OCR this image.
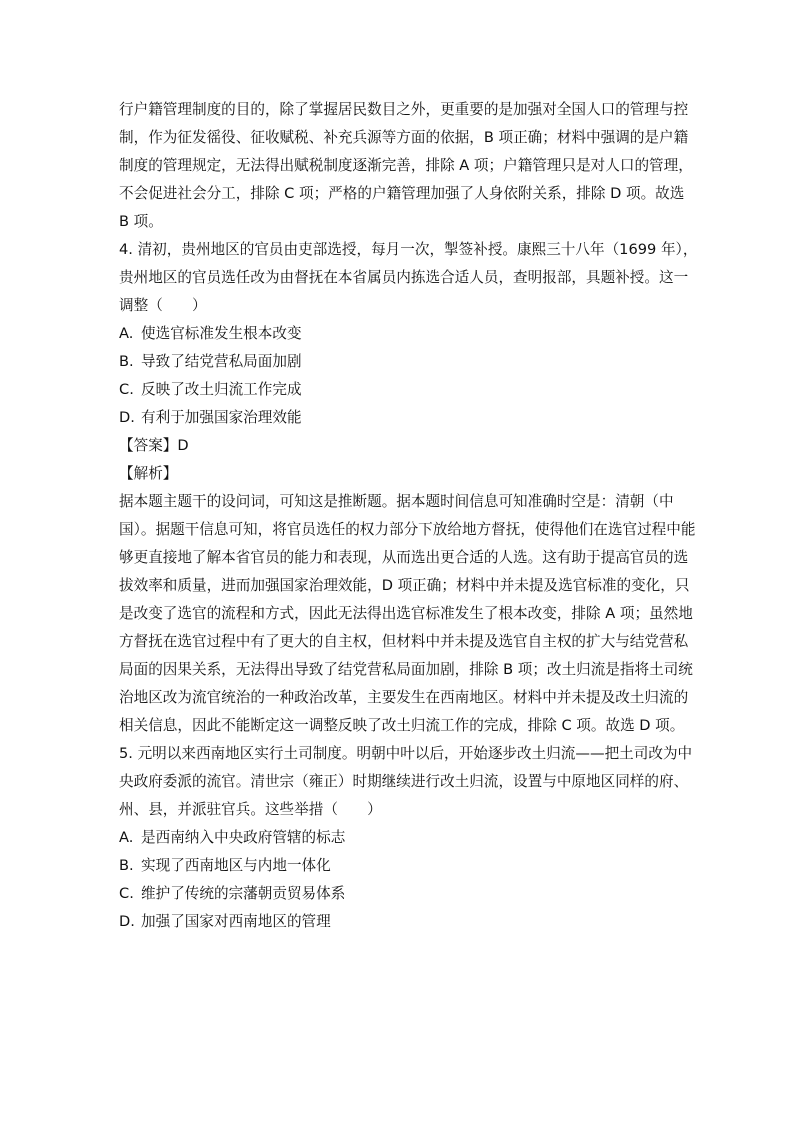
行户籍管理制度的目的，除了掌握居民数目之外，更重要的是加强对全国人口的管理与控
制，作为征发徭役、征收赋税、补充兵源等方面的依据，B 项正确；材料中强调的是户籍
制度的管理规定，无法得出赋税制度逐渐完善，排除 A 项；户籍管理只是对人口的管理，
不会促进社会分工，排除 C 项；严格的户籍管理加强了人身依附关系，排除 D 项。故选
B 项。
4. 清初，贵州地区的官员由吏部选授，每月一次，掣签补授。康熙三十八年（1699 年），
贵州地区的官员选任改为由督抚在本省属员内拣选合适人员，查明报部，具题补授。这一
调整（　　）
A. 使选官标准发生根本改变
B. 导致了结党营私局面加剧
C. 反映了改土归流工作完成
D. 有利于加强国家治理效能
【答案】D
【解析】
据本题主题干的设问词，可知这是推断题。据本题时间信息可知准确时空是：清朝（中
国）。据题干信息可知，将官员选任的权力部分下放给地方督抚，使得他们在选官过程中能
够更直接地了解本省官员的能力和表现，从而选出更合适的人选。这有助于提高官员的选
拔效率和质量，进而加强国家治理效能，D 项正确；材料中并未提及选官标准的变化，只
是改变了选官的流程和方式，因此无法得出选官标准发生了根本改变，排除 A 项；虽然地
方督抚在选官过程中有了更大的自主权，但材料中并未提及选官自主权的扩大与结党营私
局面的因果关系，无法得出导致了结党营私局面加剧，排除 B 项；改土归流是指将土司统
治地区改为流官统治的一种政治改革，主要发生在西南地区。材料中并未提及改土归流的
相关信息，因此不能断定这一调整反映了改土归流工作的完成，排除 C 项。故选 D 项。
5. 元明以来西南地区实行土司制度。明朝中叶以后，开始逐步改土归流——把土司改为中
央政府委派的流官。清世宗（雍正）时期继续进行改土归流，设置与中原地区同样的府、
州、县，并派驻官兵。这些举措（　　）
A. 是西南纳入中央政府管辖的标志
B. 实现了西南地区与内地一体化
C. 维护了传统的宗藩朝贡贸易体系
D. 加强了国家对西南地区的管理
